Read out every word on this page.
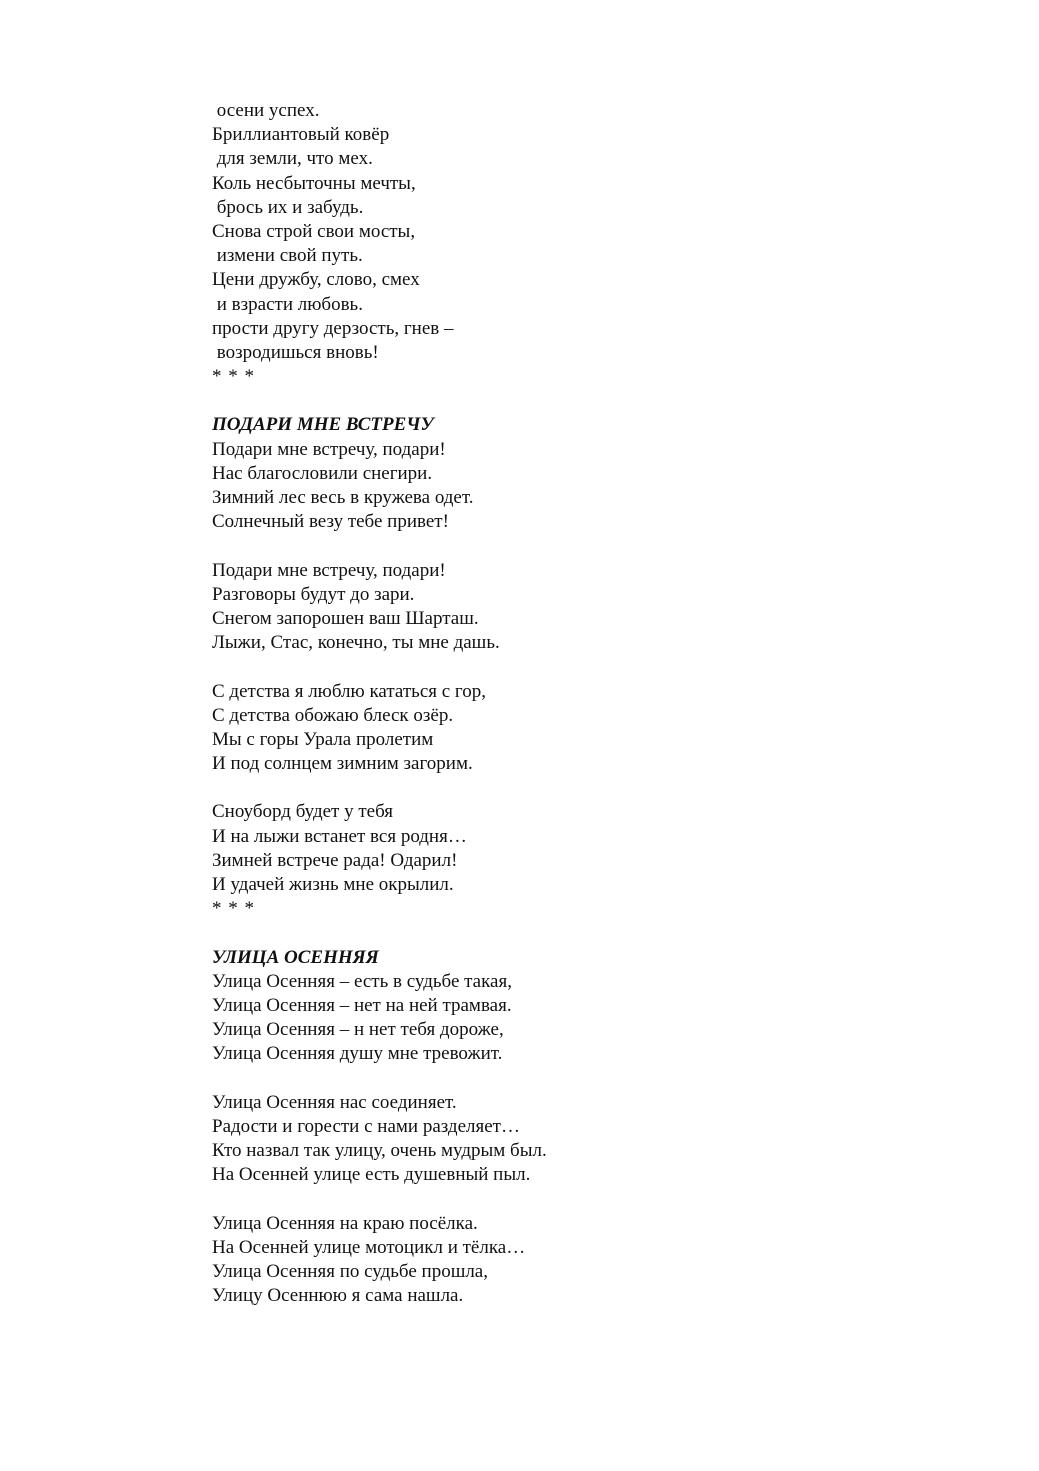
осени успех.
Бриллиантовый ковёр
для земли, что мех.
Коль несбыточны мечты,
брось их и забудь.
Снова строй свои мосты,
измени свой путь.
Цени дружбу, слово, смех
и взрасти любовь.
прости другу дерзость, гнев –
возродишься вновь!
* * *
ПОДАРИ МНЕ ВСТРЕЧУ
Подари мне встречу, подари!
Нас благословили снегири.
Зимний лес весь в кружева одет.
Солнечный везу тебе привет!
Подари мне встречу, подари!
Разговоры будут до зари.
Снегом запорошен ваш Шарташ.
Лыжи, Стас, конечно, ты мне дашь.
С детства я люблю кататься с гор,
С детства обожаю блеск озёр.
Мы с горы Урала пролетим
И под солнцем зимним загорим.
Сноуборд будет у тебя
И на лыжи встанет вся родня…
Зимней встрече рада! Одарил!
И удачей жизнь мне окрылил.
* * *
УЛИЦА ОСЕННЯЯ
Улица Осенняя – есть в судьбе такая,
Улица Осенняя – нет на ней трамвая.
Улица Осенняя – н нет тебя дороже,
Улица Осенняя душу мне тревожит.
Улица Осенняя нас соединяет.
Радости и горести с нами разделяет…
Кто назвал так улицу, очень мудрым был.
На Осенней улице есть душевный пыл.
Улица Осенняя на краю посёлка.
На Осенней улице мотоцикл и тёлка…
Улица Осенняя по судьбе прошла,
Улицу Осеннюю я сама нашла.
